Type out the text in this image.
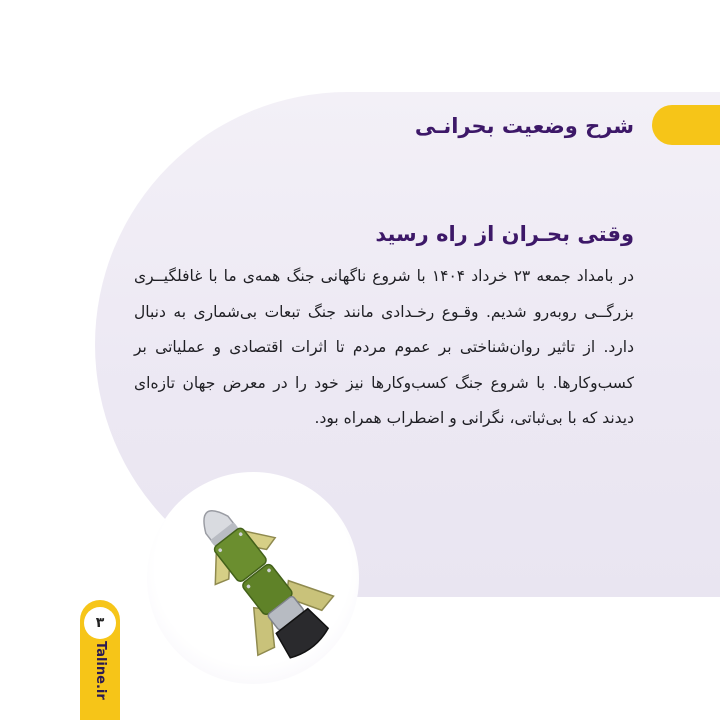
شرح وضعیت بحرانـی
وقتی بحـران از راه رسید
در بامداد جمعه ۲۳ خرداد ۱۴۰۴ با شروع ناگهانی جنگ همه‌ی ما با غافلگیــری بزرگــی روبه‌رو شدیم. وقـوع رخـدادی مانند جنگ تبعات بی‌شماری به دنبال دارد. از تاثیر روان‌شناختی بر عموم مردم تا اثرات اقتصادی و عملیاتی بر کسب‌وکارها. با شروع جنگ کسب‌وکارها نیز خود را در معرض جهان تازه‌ای دیدند که با بی‌ثباتی، نگرانی و اضطراب همراه بود.
۳
Taline.ir
